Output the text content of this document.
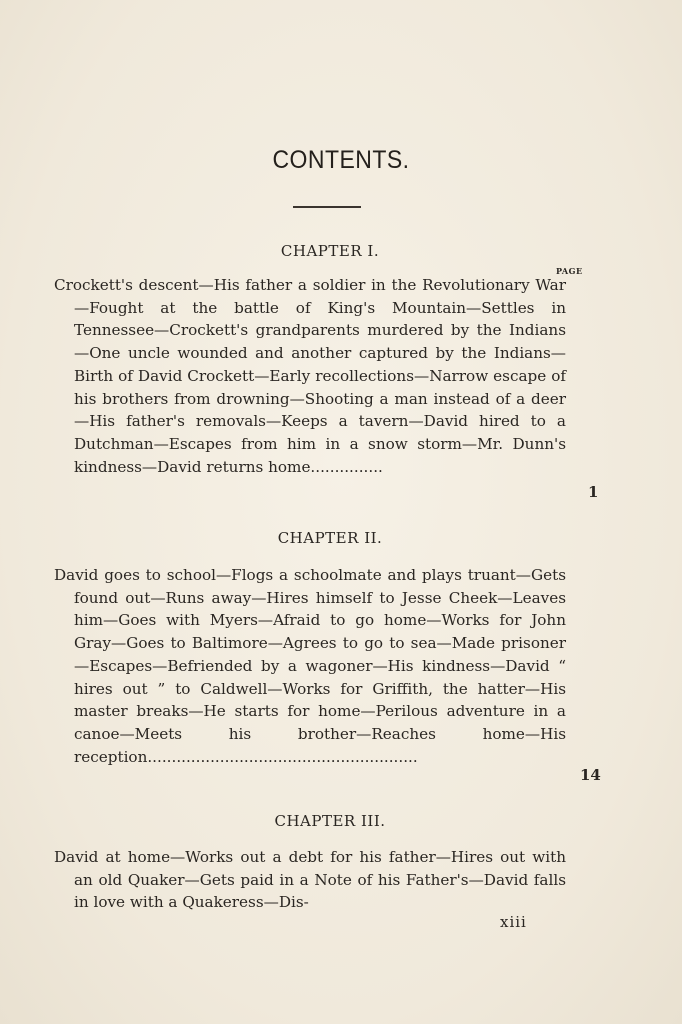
CONTENTS.
CHAPTER I.
PAGE

Crockett's descent—His father a soldier in the Revolutionary War—Fought at the battle of King's Mountain—Settles in Tennessee—Crockett's grandparents murdered by the Indians—One uncle wounded and another captured by the Indians—Birth of David Crockett—Early recollections—Narrow escape of his brothers from drowning—Shooting a man instead of a deer—His father's removals—Keeps a tavern—David hired to a Dutchman—Escapes from him in a snow storm—Mr. Dunn's kindness—David returns home...............

1
CHAPTER II.

David goes to school—Flogs a schoolmate and plays truant—Gets found out—Runs away—Hires himself to Jesse Cheek—Leaves him—Goes with Myers—Afraid to go home—Works for John Gray—Goes to Baltimore—Agrees to go to sea—Made prisoner—Escapes—Befriended by a wagoner—His kindness—David “ hires out ” to Caldwell—Works for Griffith, the hatter—His master breaks—He starts for home—Perilous adventure in a canoe—Meets his brother—Reaches home—His reception........................................................

14
CHAPTER III.

David at home—Works out a debt for his father—Hires out with an old Quaker—Gets paid in a Note of his Father's—David falls in love with a Quakeress—Dis-

xiii
